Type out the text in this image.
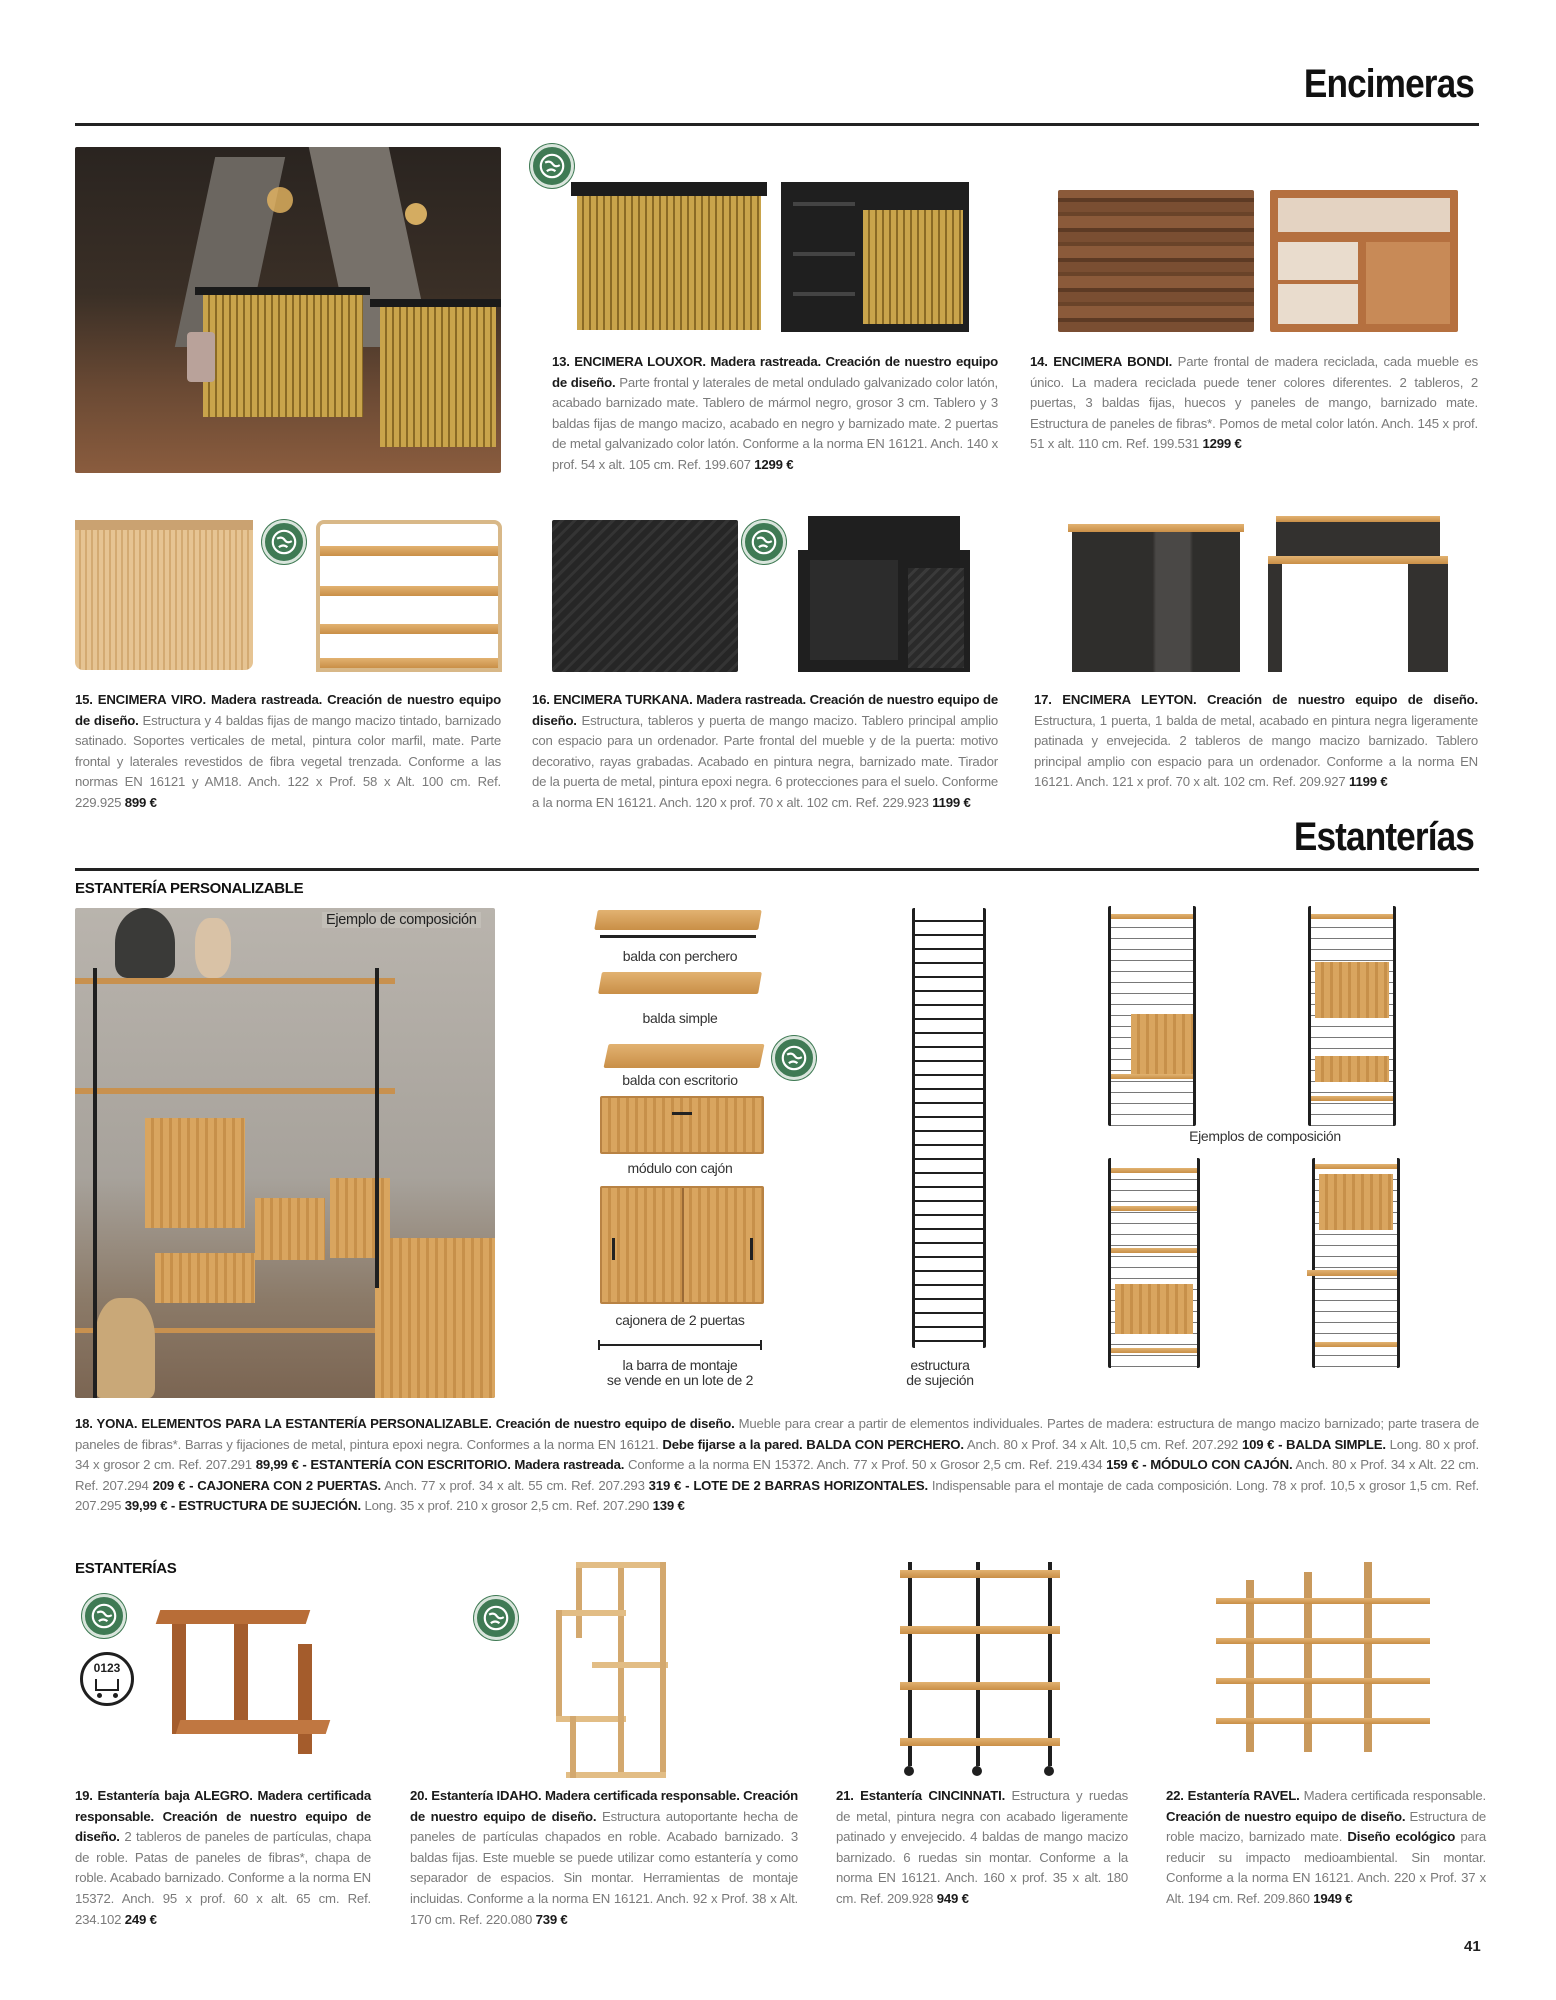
Encimeras
13. ENCIMERA LOUXOR. Madera rastreada. Creación de nuestro equipo de diseño. Parte frontal y laterales de metal ondulado galvanizado color latón, acabado barnizado mate. Tablero de mármol negro, grosor 3 cm. Tablero y 3 baldas fijas de mango macizo, acabado en negro y barnizado mate. 2 puertas de metal galvanizado color latón. Conforme a la norma EN 16121. Anch. 140 x prof. 54 x alt. 105 cm. Ref. 199.607 1299 €
14. ENCIMERA BONDI. Parte frontal de madera reciclada, cada mueble es único. La madera reciclada puede tener colores diferentes. 2 tableros, 2 puertas, 3 baldas fijas, huecos y paneles de mango, barnizado mate. Estructura de paneles de fibras*. Pomos de metal color latón. Anch. 145 x prof. 51 x alt. 110 cm. Ref. 199.531 1299 €
15. ENCIMERA VIRO. Madera rastreada. Creación de nuestro equipo de diseño. Estructura y 4 baldas fijas de mango macizo tintado, barnizado satinado. Soportes verticales de metal, pintura color marfil, mate. Parte frontal y laterales revestidos de fibra vegetal trenzada. Conforme a las normas EN 16121 y AM18. Anch. 122 x Prof. 58 x Alt. 100 cm. Ref. 229.925 899 €
16. ENCIMERA TURKANA. Madera rastreada. Creación de nuestro equipo de diseño. Estructura, tableros y puerta de mango macizo. Tablero principal amplio con espacio para un ordenador. Parte frontal del mueble y de la puerta: motivo decorativo, rayas grabadas. Acabado en pintura negra, barnizado mate. Tirador de la puerta de metal, pintura epoxi negra. 6 protecciones para el suelo. Conforme a la norma EN 16121. Anch. 120 x prof. 70 x alt. 102 cm. Ref. 229.923 1199 €
17. ENCIMERA LEYTON. Creación de nuestro equipo de diseño. Estructura, 1 puerta, 1 balda de metal, acabado en pintura negra ligeramente patinada y envejecida. 2 tableros de mango macizo barnizado. Tablero principal amplio con espacio para un ordenador. Conforme a la norma EN 16121. Anch. 121 x prof. 70 x alt. 102 cm. Ref. 209.927 1199 €
Estanterías
ESTANTERÍA PERSONALIZABLE
Ejemplo de composición
balda con perchero
balda simple
balda con escritorio
módulo con cajón
cajonera de 2 puertas
la barra de montaje
se vende en un lote de 2
estructura
de sujeción
Ejemplos de composición
18. YONA. ELEMENTOS PARA LA ESTANTERÍA PERSONALIZABLE. Creación de nuestro equipo de diseño. Mueble para crear a partir de elementos individuales. Partes de madera: estructura de mango macizo barnizado; parte trasera de paneles de fibras*. Barras y fijaciones de metal, pintura epoxi negra. Conformes a la norma EN 16121. Debe fijarse a la pared. BALDA CON PERCHERO. Anch. 80 x Prof. 34 x Alt. 10,5 cm. Ref. 207.292 109 € - BALDA SIMPLE. Long. 80 x prof. 34 x grosor 2 cm. Ref. 207.291 89,99 € - ESTANTERÍA CON ESCRITORIO. Madera rastreada. Conforme a la norma EN 15372. Anch. 77 x Prof. 50 x Grosor 2,5 cm. Ref. 219.434 159 € - MÓDULO CON CAJÓN. Anch. 80 x Prof. 34 x Alt. 22 cm. Ref. 207.294 209 € - CAJONERA CON 2 PUERTAS. Anch. 77 x prof. 34 x alt. 55 cm. Ref. 207.293 319 € - LOTE DE 2 BARRAS HORIZONTALES. Indispensable para el montaje de cada composición. Long. 78 x prof. 10,5 x grosor 1,5 cm. Ref. 207.295 39,99 € - ESTRUCTURA DE SUJECIÓN. Long. 35 x prof. 210 x grosor 2,5 cm. Ref. 207.290 139 €
ESTANTERÍAS
0123
19. Estantería baja ALEGRO. Madera certificada responsable. Creación de nuestro equipo de diseño. 2 tableros de paneles de partículas, chapa de roble. Patas de paneles de fibras*, chapa de roble. Acabado barnizado. Conforme a la norma EN 15372. Anch. 95 x prof. 60 x alt. 65 cm. Ref. 234.102 249 €
20. Estantería IDAHO. Madera certificada responsable. Creación de nuestro equipo de diseño. Estructura autoportante hecha de paneles de partículas chapados en roble. Acabado barnizado. 3 baldas fijas. Este mueble se puede utilizar como estantería y como separador de espacios. Sin montar. Herramientas de montaje incluidas. Conforme a la norma EN 16121. Anch. 92 x Prof. 38 x Alt. 170 cm. Ref. 220.080 739 €
21. Estantería CINCINNATI. Estructura y ruedas de metal, pintura negra con acabado ligeramente patinado y envejecido. 4 baldas de mango macizo barnizado. 6 ruedas sin montar. Conforme a la norma EN 16121. Anch. 160 x prof. 35 x alt. 180 cm. Ref. 209.928 949 €
22. Estantería RAVEL. Madera certificada responsable. Creación de nuestro equipo de diseño. Estructura de roble macizo, barnizado mate. Diseño ecológico para reducir su impacto medioambiental. Sin montar. Conforme a la norma EN 16121. Anch. 220 x Prof. 37 x Alt. 194 cm. Ref. 209.860 1949 €
41
